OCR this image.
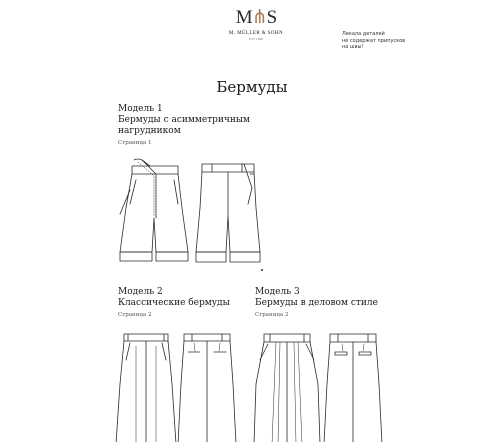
M⋔S
M. MÜLLER & SOHN
EST 1848
Лекала деталей
не содержат припусков
на швы!
Бермуды
Модель 1
Бермуды с асимметричным
нагрудником
Страница 1
Модель 2
Классические бермуды
Страница 2
Модель 3
Бермуды в деловом стиле
Страница 2
